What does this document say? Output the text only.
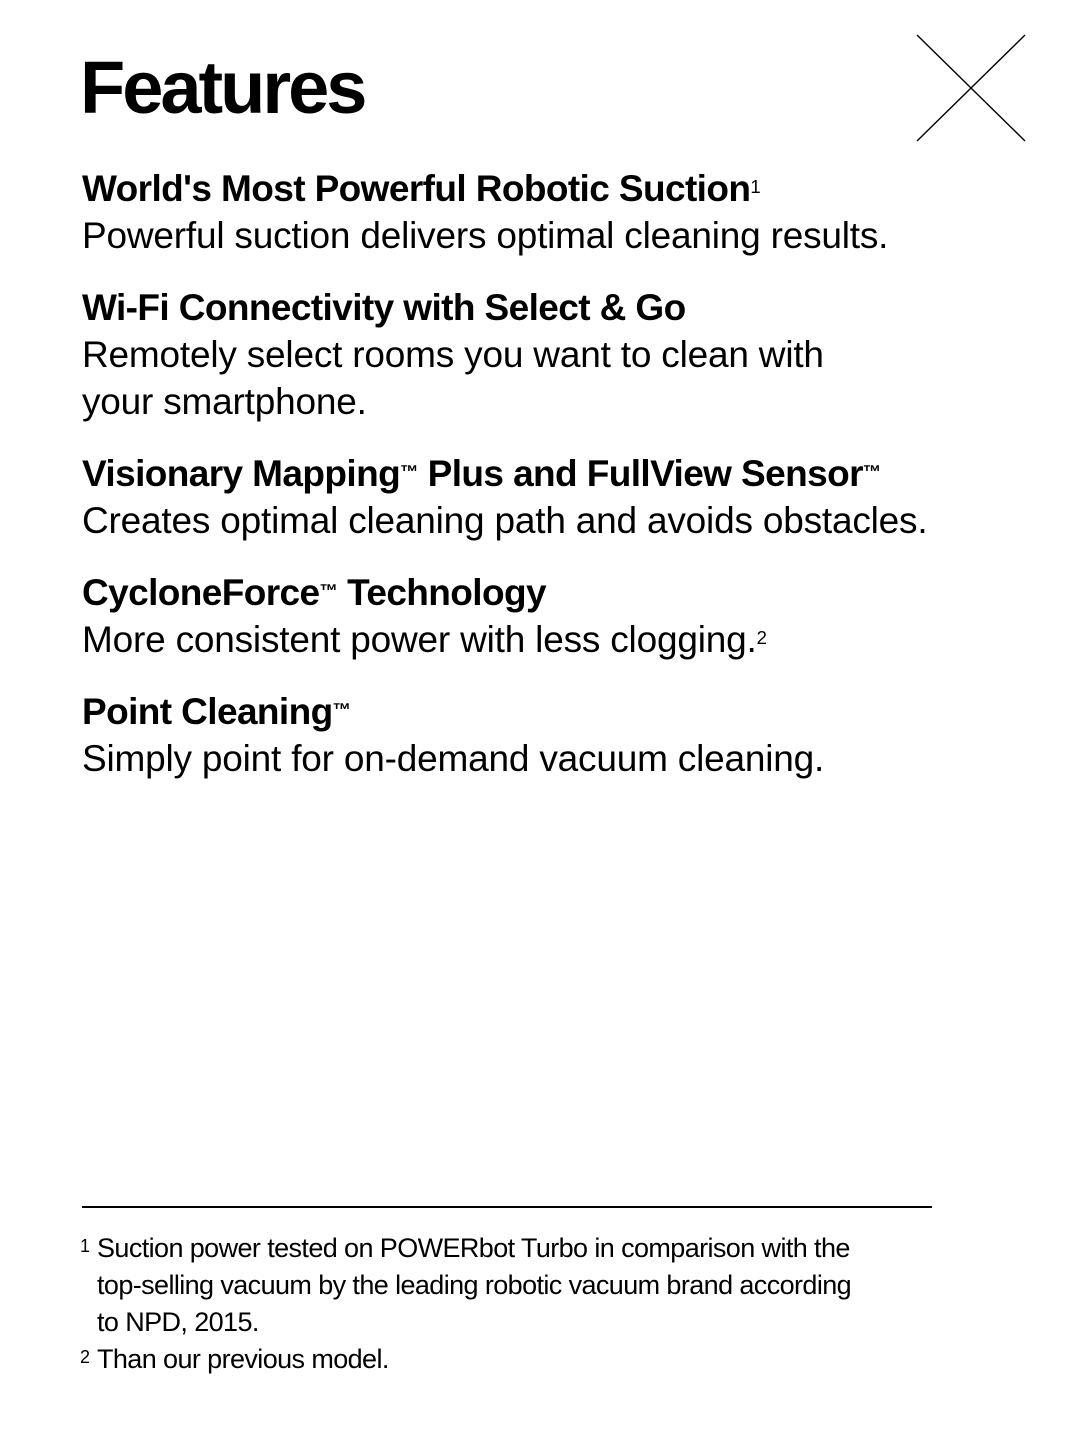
Features
World's Most Powerful Robotic Suction$^1$
Powerful suction delivers optimal cleaning results.
Wi-Fi Connectivity with Select & Go
Remotely select rooms you want to clean with
your smartphone.
Visionary Mapping™ Plus and FullView Sensor™
Creates optimal cleaning path and avoids obstacles.
CycloneForce™ Technology
More consistent power with less clogging.$^2$
Point Cleaning™
Simply point for on-demand vacuum cleaning.
1 Suction power tested on POWERbot Turbo in comparison with the
top-selling vacuum by the leading robotic vacuum brand according
to NPD, 2015.
2 Than our previous model.
